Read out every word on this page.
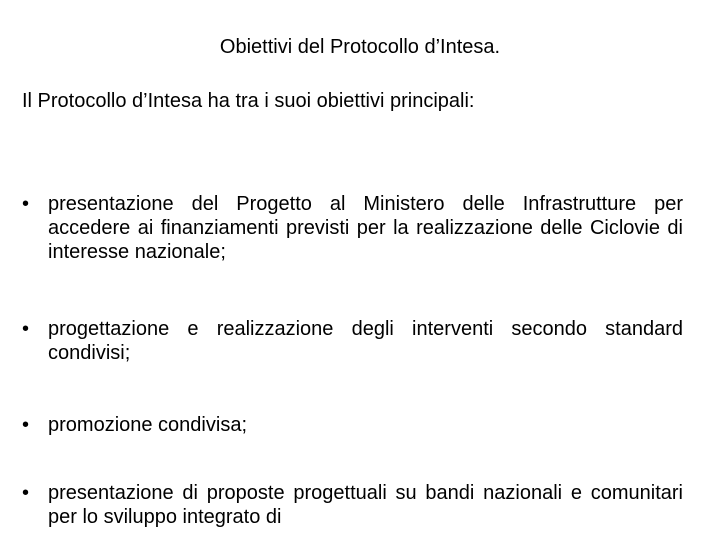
Obiettivi del Protocollo d’Intesa.

Il Protocollo d’Intesa ha tra i suoi obiettivi principali:

• presentazione del Progetto al Ministero delle Infrastrutture per accedere ai finanziamenti previsti per la realizzazione delle Ciclovie di interesse nazionale;
• progettazione e realizzazione degli interventi secondo standard condivisi;
• promozione condivisa;
• presentazione di proposte progettuali su bandi nazionali e comunitari per lo sviluppo integrato di
